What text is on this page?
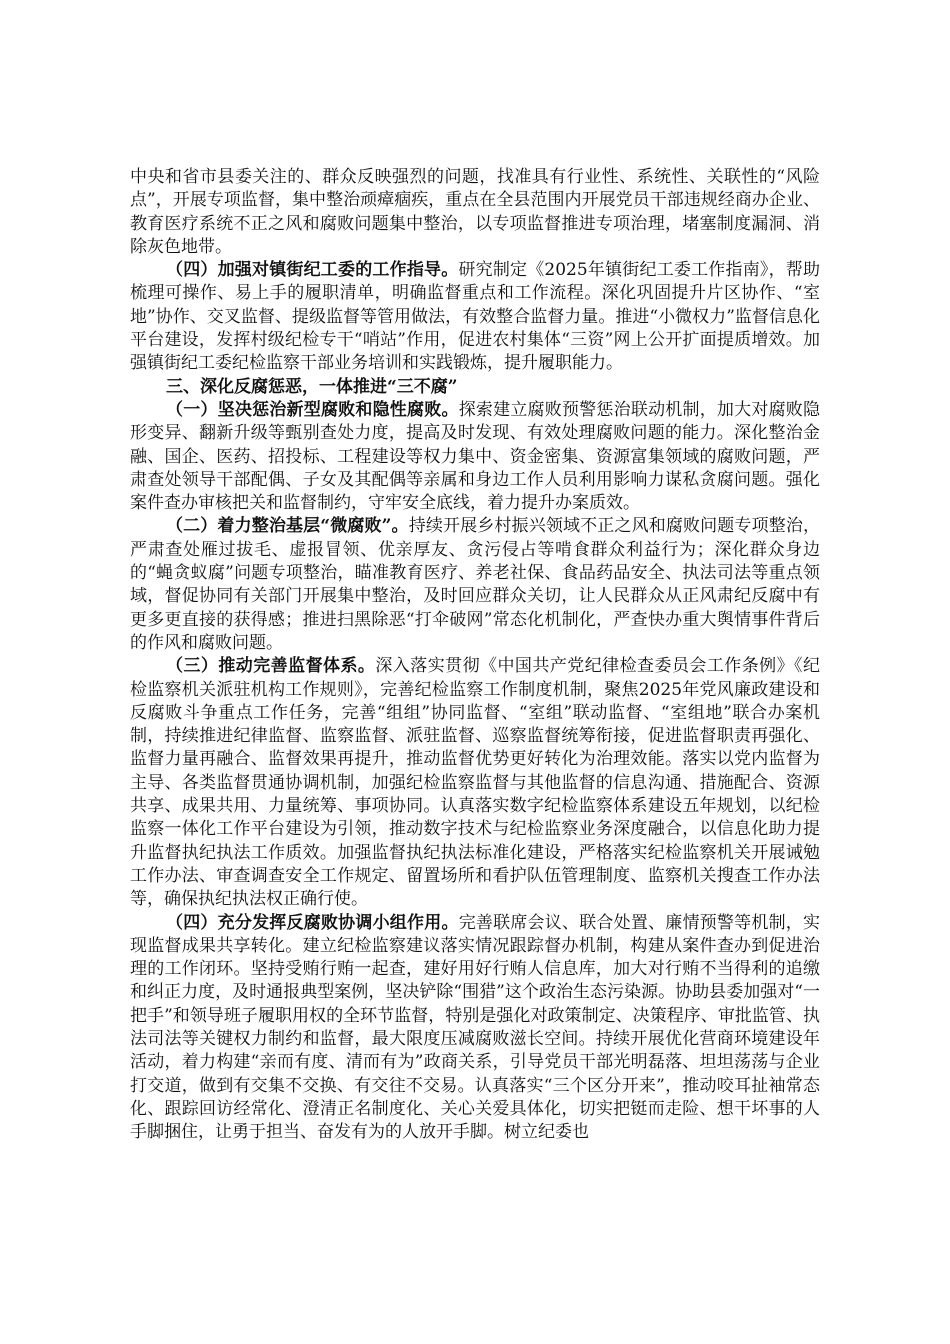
中央和省市县委关注的、群众反映强烈的问题，找准具有行业性、系统性、关联性的“风险点”，开展专项监督，集中整治顽瘴痼疾，重点在全县范围内开展党员干部违规经商办企业、教育医疗系统不正之风和腐败问题集中整治，以专项监督推进专项治理，堵塞制度漏洞、消除灰色地带。

（四）加强对镇街纪工委的工作指导。研究制定《2025年镇街纪工委工作指南》，帮助梳理可操作、易上手的履职清单，明确监督重点和工作流程。深化巩固提升片区协作、“室地”协作、交叉监督、提级监督等管用做法，有效整合监督力量。推进“小微权力”监督信息化平台建设，发挥村级纪检专干“哨站”作用，促进农村集体“三资”网上公开扩面提质增效。加强镇街纪工委纪检监察干部业务培训和实践锻炼，提升履职能力。

三、深化反腐惩恶，一体推进“三不腐”

（一）坚决惩治新型腐败和隐性腐败。探索建立腐败预警惩治联动机制，加大对腐败隐形变异、翻新升级等甄别查处力度，提高及时发现、有效处理腐败问题的能力。深化整治金融、国企、医药、招投标、工程建设等权力集中、资金密集、资源富集领域的腐败问题，严肃查处领导干部配偶、子女及其配偶等亲属和身边工作人员利用影响力谋私贪腐问题。强化案件查办审核把关和监督制约，守牢安全底线，着力提升办案质效。

（二）着力整治基层“微腐败”。持续开展乡村振兴领域不正之风和腐败问题专项整治，严肃查处雁过拔毛、虚报冒领、优亲厚友、贪污侵占等啃食群众利益行为；深化群众身边的“蝇贪蚁腐”问题专项整治，瞄准教育医疗、养老社保、食品药品安全、执法司法等重点领域，督促协同有关部门开展集中整治，及时回应群众关切，让人民群众从正风肃纪反腐中有更多更直接的获得感；推进扫黑除恶“打伞破网”常态化机制化，严查快办重大舆情事件背后的作风和腐败问题。

（三）推动完善监督体系。深入落实贯彻《中国共产党纪律检查委员会工作条例》《纪检监察机关派驻机构工作规则》，完善纪检监察工作制度机制，聚焦2025年党风廉政建设和反腐败斗争重点工作任务，完善“组组”协同监督、“室组”联动监督、“室组地”联合办案机制，持续推进纪律监督、监察监督、派驻监督、巡察监督统筹衔接，促进监督职责再强化、监督力量再融合、监督效果再提升，推动监督优势更好转化为治理效能。落实以党内监督为主导、各类监督贯通协调机制，加强纪检监察监督与其他监督的信息沟通、措施配合、资源共享、成果共用、力量统筹、事项协同。认真落实数字纪检监察体系建设五年规划，以纪检监察一体化工作平台建设为引领，推动数字技术与纪检监察业务深度融合，以信息化助力提升监督执纪执法工作质效。加强监督执纪执法标准化建设，严格落实纪检监察机关开展诫勉工作办法、审查调查安全工作规定、留置场所和看护队伍管理制度、监察机关搜查工作办法等，确保执纪执法权正确行使。

（四）充分发挥反腐败协调小组作用。完善联席会议、联合处置、廉情预警等机制，实现监督成果共享转化。建立纪检监察建议落实情况跟踪督办机制，构建从案件查办到促进治理的工作闭环。坚持受贿行贿一起查，建好用好行贿人信息库，加大对行贿不当得利的追缴和纠正力度，及时通报典型案例，坚决铲除“围猎”这个政治生态污染源。协助县委加强对“一把手”和领导班子履职用权的全环节监督，特别是强化对政策制定、决策程序、审批监管、执法司法等关键权力制约和监督，最大限度压减腐败滋长空间。持续开展优化营商环境建设年活动，着力构建“亲而有度、清而有为”政商关系，引导党员干部光明磊落、坦坦荡荡与企业打交道，做到有交集不交换、有交往不交易。认真落实“三个区分开来”，推动咬耳扯袖常态化、跟踪回访经常化、澄清正名制度化、关心关爱具体化，切实把铤而走险、想干坏事的人手脚捆住，让勇于担当、奋发有为的人放开手脚。树立纪委也
